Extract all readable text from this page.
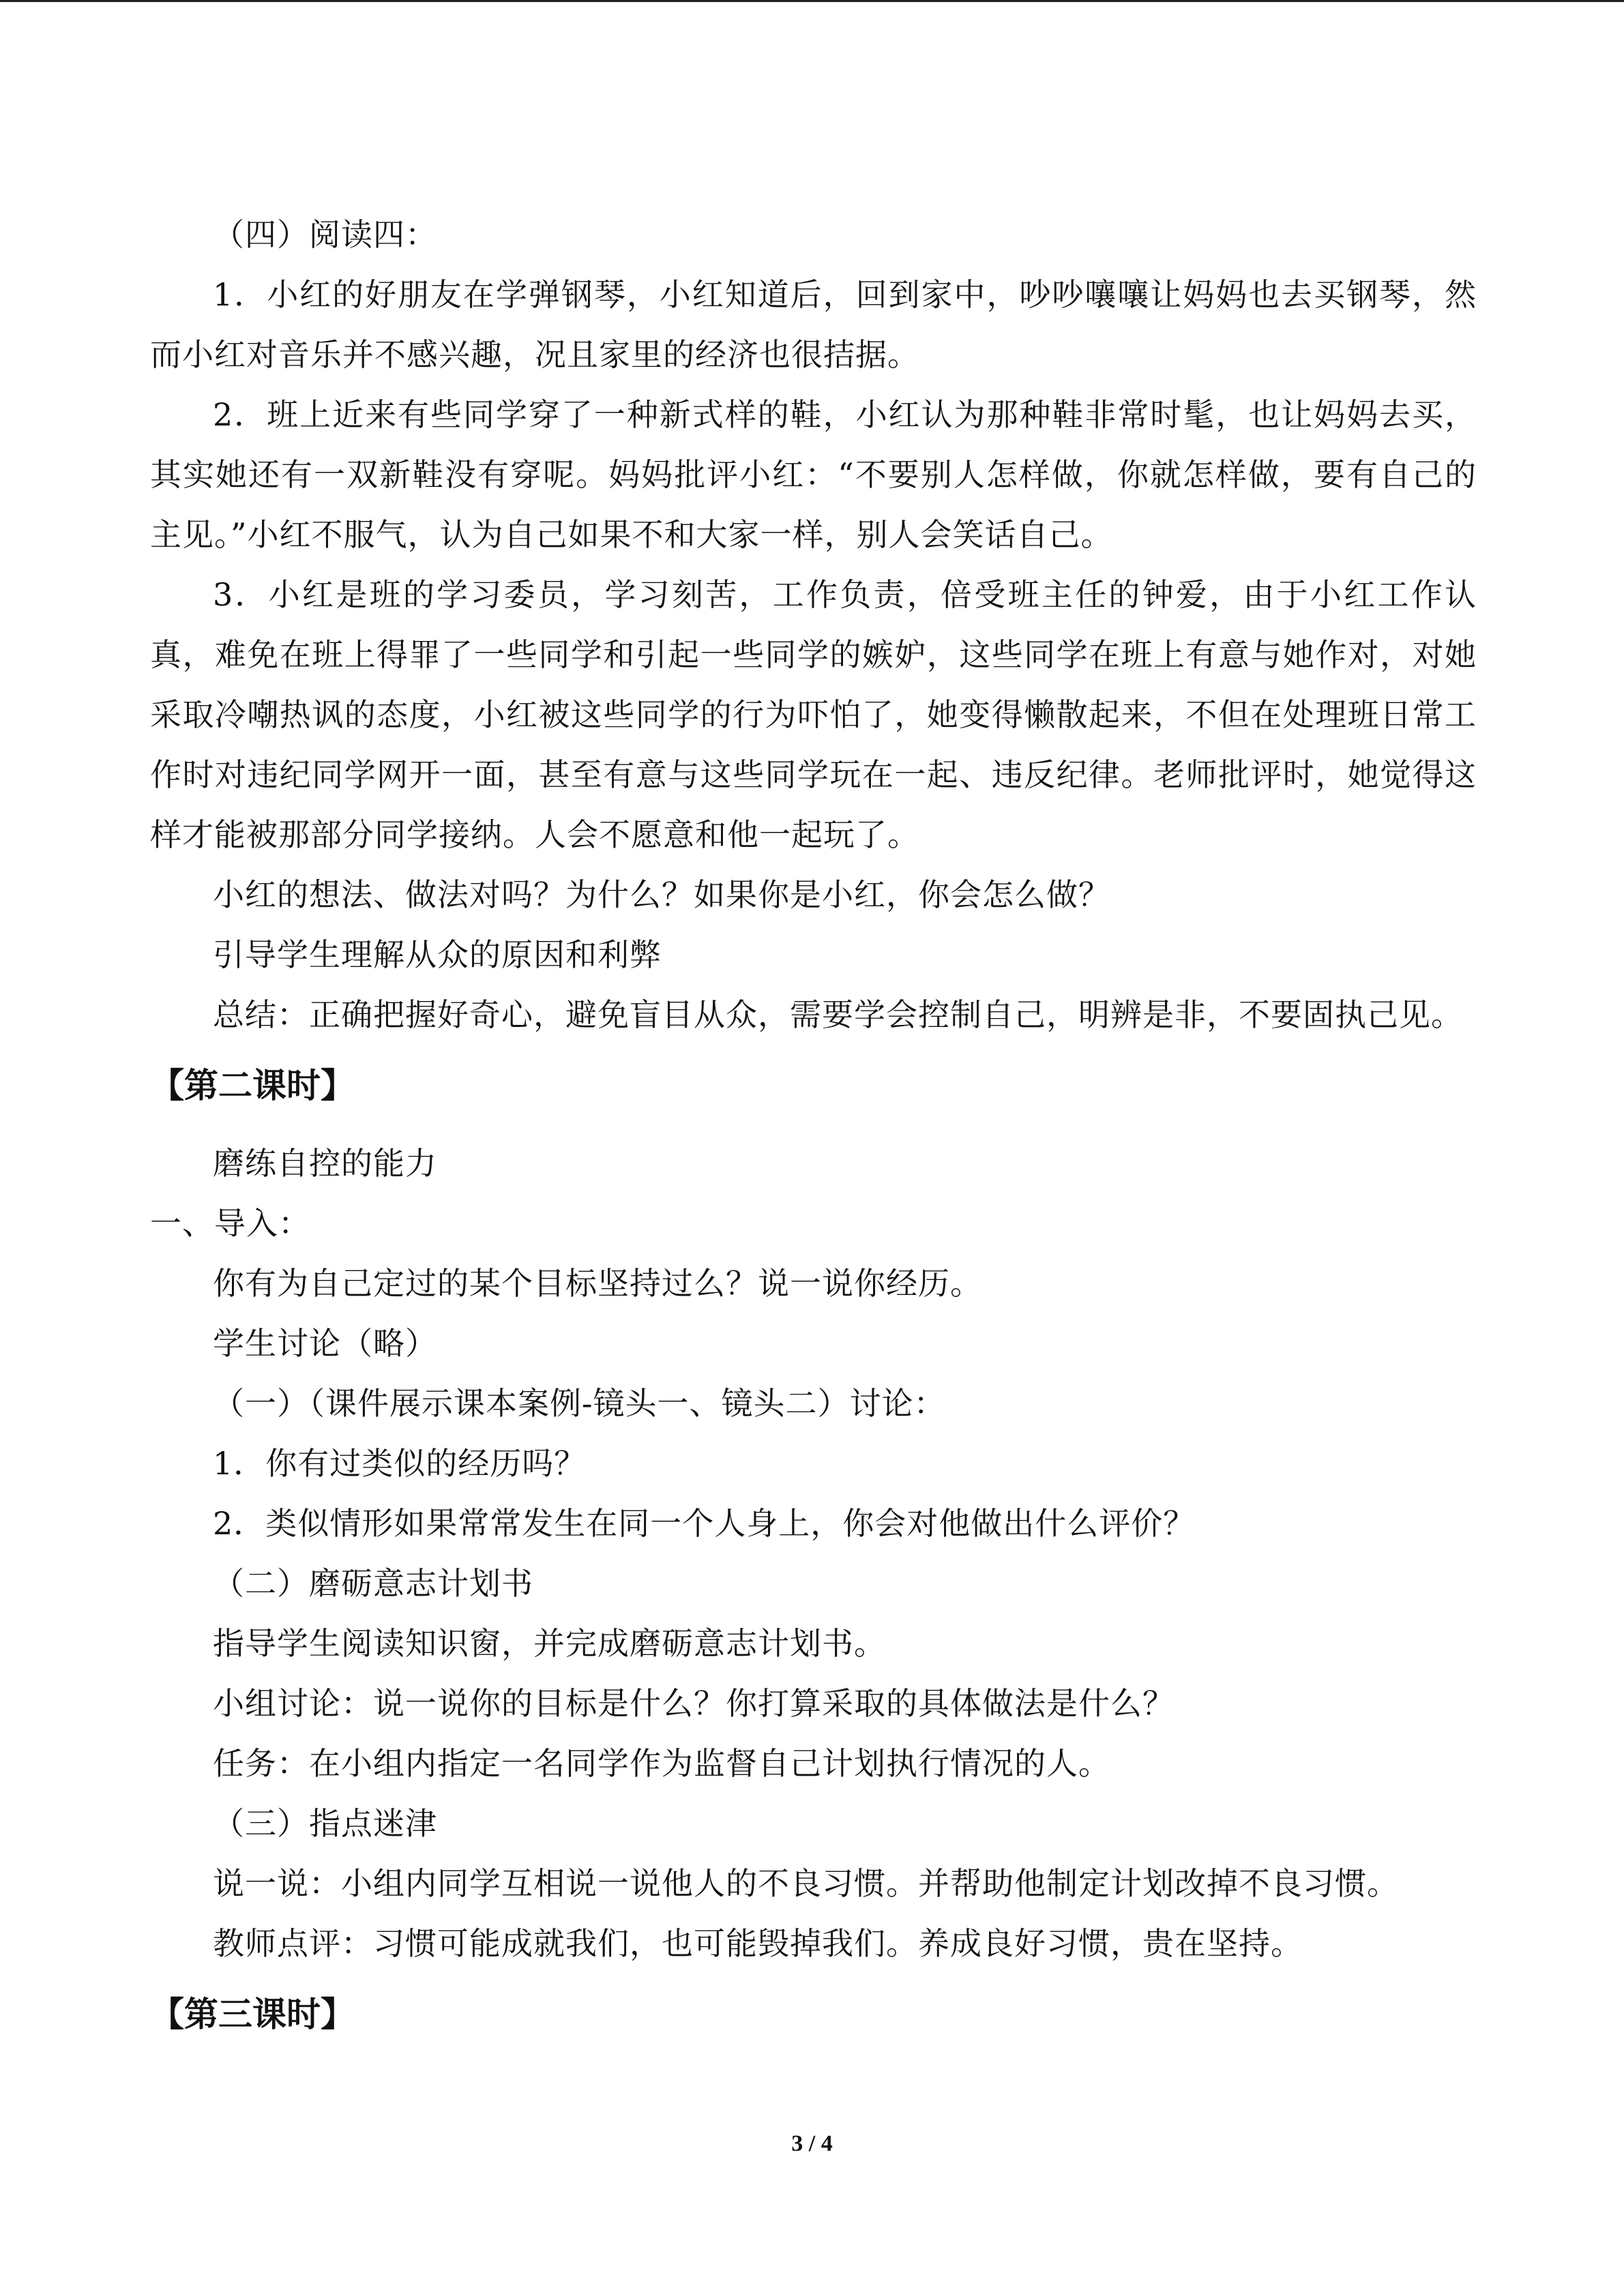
（四）阅读四：

1．小红的好朋友在学弹钢琴，小红知道后，回到家中，吵吵嚷嚷让妈妈也去买钢琴，然而小红对音乐并不感兴趣，况且家里的经济也很拮据。

2．班上近来有些同学穿了一种新式样的鞋，小红认为那种鞋非常时髦，也让妈妈去买，其实她还有一双新鞋没有穿呢。妈妈批评小红：“不要别人怎样做，你就怎样做，要有自己的主见。”小红不服气，认为自己如果不和大家一样，别人会笑话自己。

3．小红是班的学习委员，学习刻苦，工作负责，倍受班主任的钟爱，由于小红工作认真，难免在班上得罪了一些同学和引起一些同学的嫉妒，这些同学在班上有意与她作对，对她采取冷嘲热讽的态度，小红被这些同学的行为吓怕了，她变得懒散起来，不但在处理班日常工作时对违纪同学网开一面，甚至有意与这些同学玩在一起、违反纪律。老师批评时，她觉得这样才能被那部分同学接纳。人会不愿意和他一起玩了。

小红的想法、做法对吗？为什么？如果你是小红，你会怎么做？

引导学生理解从众的原因和利弊

总结：正确把握好奇心，避免盲目从众，需要学会控制自己，明辨是非，不要固执己见。

【第二课时】

磨练自控的能力

一、导入：

你有为自己定过的某个目标坚持过么？说一说你经历。

学生讨论（略）

（一）（课件展示课本案例-镜头一、镜头二）讨论：

1．你有过类似的经历吗？

2．类似情形如果常常发生在同一个人身上，你会对他做出什么评价？

（二）磨砺意志计划书

指导学生阅读知识窗，并完成磨砺意志计划书。

小组讨论：说一说你的目标是什么？你打算采取的具体做法是什么？

任务：在小组内指定一名同学作为监督自己计划执行情况的人。

（三）指点迷津

说一说：小组内同学互相说一说他人的不良习惯。并帮助他制定计划改掉不良习惯。

教师点评：习惯可能成就我们，也可能毁掉我们。养成良好习惯，贵在坚持。

【第三课时】
3 / 4
